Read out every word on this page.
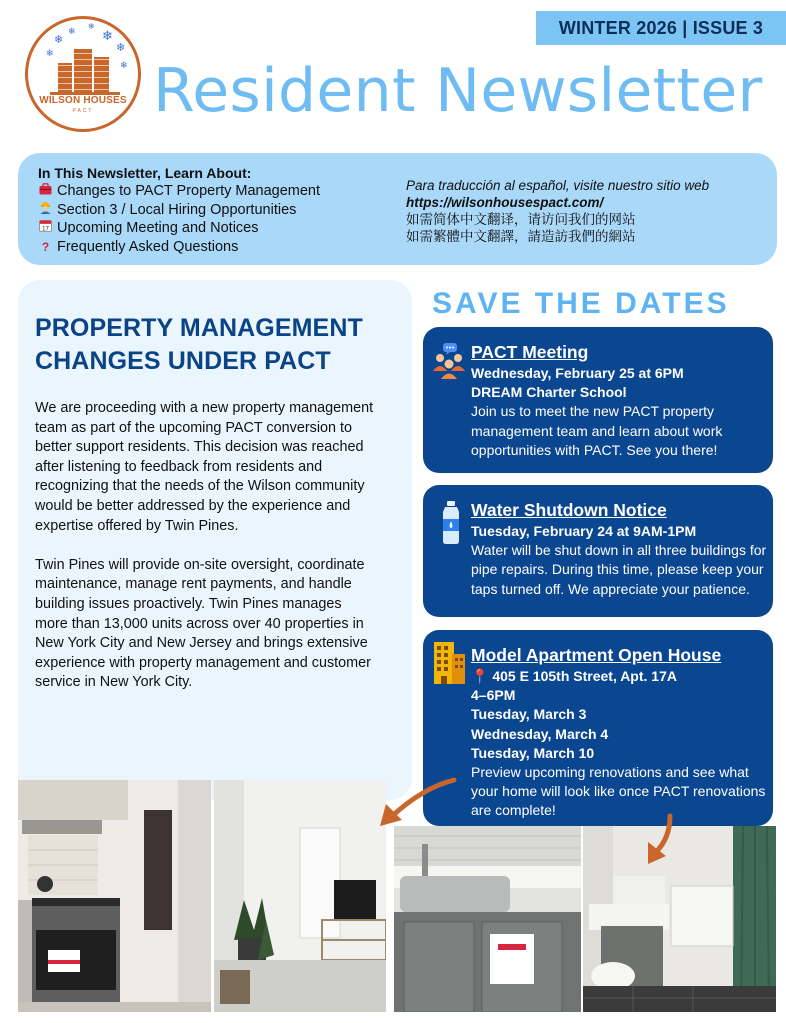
WINTER 2026 | ISSUE 3
❄
❄
❄
❄
❄
❄
❄
WILSON HOUSES
PACT Resident Newsletter
In This Newsletter, Learn About:
Changes to PACT Property Management
Section 3 / Local Hiring Opportunities
17 Upcoming Meeting and Notices
? Frequently Asked Questions
Para traducción al español, visite nuestro sitio web
https://wilsonhousespact.com/
如需简体中文翻译，请访问我们的网站
如需繁體中文翻譯，請造訪我們的網站
PROPERTY MANAGEMENT
CHANGES UNDER PACT

We are proceeding with a new property management team as part of the upcoming PACT conversion to better support residents. This decision was reached after listening to feedback from residents and recognizing that the needs of the Wilson community would be better addressed by the experience and expertise offered by Twin Pines.

Twin Pines will provide on-site oversight, coordinate maintenance, manage rent payments, and handle building issues proactively. Twin Pines manages more than 13,000 units across over 40 properties in New York City and New Jersey and brings extensive experience with property management and customer service in New York City.

SAVE THE DATES
PACT Meeting
Wednesday, February 25 at 6PM
DREAM Charter School
Join us to meet the new PACT property management team and learn about work opportunities with PACT. See you there!
Water Shutdown Notice
Tuesday, February 24 at 9AM-1PM
Water will be shut down in all three buildings for pipe repairs. During this time, please keep your taps turned off. We appreciate your patience.
Model Apartment Open House
📍 405 E 105th Street, Apt. 17A
4–6PM
Tuesday, March 3
Wednesday, March 4
Tuesday, March 10
Preview upcoming renovations and see what your home will look like once PACT renovations are complete!
